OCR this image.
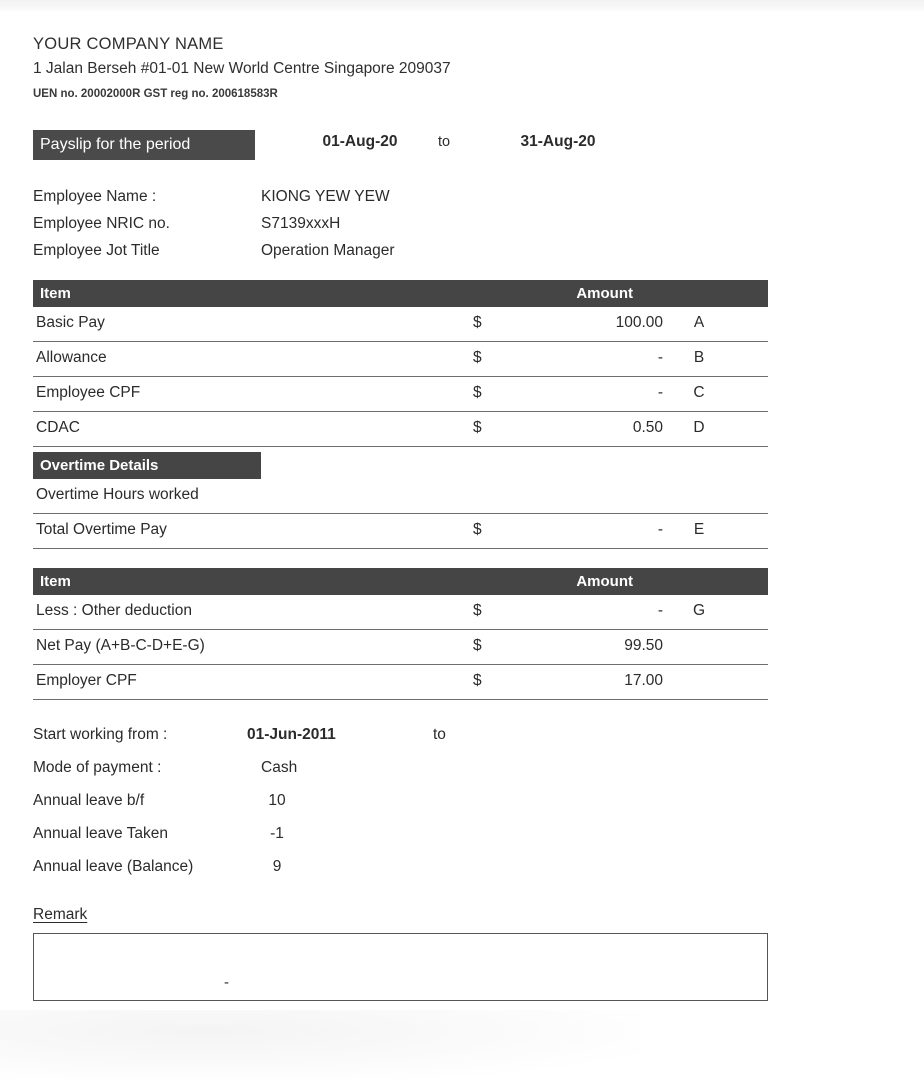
YOUR COMPANY NAME
1 Jalan Berseh #01-01 New World Centre Singapore 209037
UEN no. 20002000R GST reg no. 200618583R
Payslip for the period	01-Aug-20	to	31-Aug-20
Employee Name :	KIONG YEW YEW
Employee NRIC no.	S7139xxxH
Employee Jot Title	Operation Manager
Item	Amount
Basic Pay	$	100.00	A
Allowance	$	-	B
Employee CPF	$	-	C
CDAC	$	0.50	D
Overtime Details
Overtime Hours worked
Total Overtime Pay	$	-	E
Item	Amount
Less : Other deduction	$	-	G
Net Pay (A+B-C-D+E-G)	$	99.50
Employer CPF	$	17.00
Start working from :	01-Jun-2011	to
Mode of payment :	Cash
Annual leave b/f	10
Annual leave Taken	-1
Annual leave (Balance)	9
Remark
-
